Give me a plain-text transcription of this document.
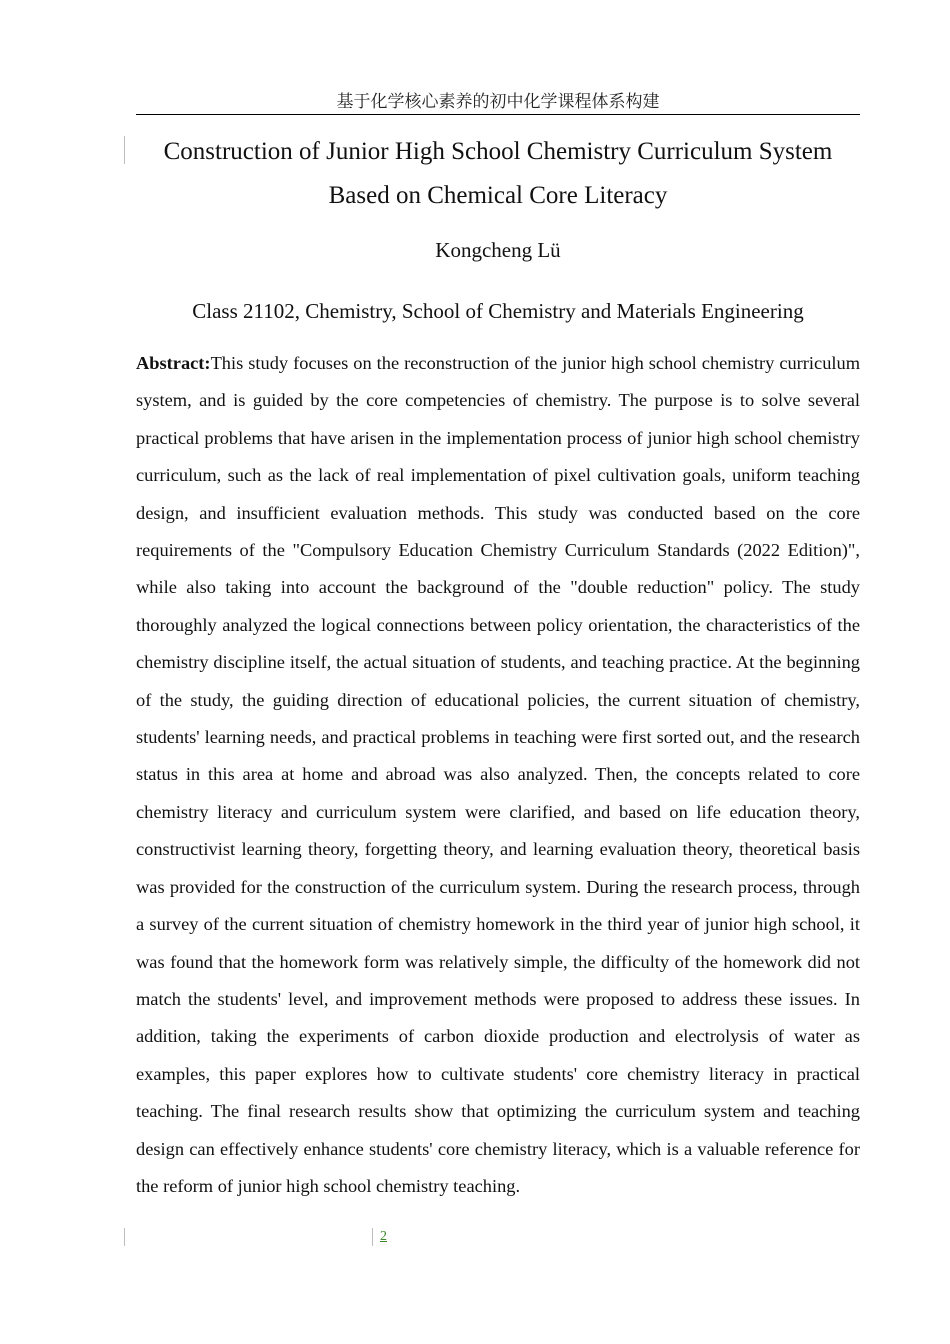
基于化学核心素养的初中化学课程体系构建
Construction of Junior High School Chemistry Curriculum System Based on Chemical Core Literacy
Kongcheng Lü
Class 21102, Chemistry, School of Chemistry and Materials Engineering

Abstract:This study focuses on the reconstruction of the junior high school chemistry curriculum system, and is guided by the core competencies of chemistry. The purpose is to solve several practical problems that have arisen in the implementation process of junior high school chemistry curriculum, such as the lack of real implementation of pixel cultivation goals, uniform teaching design, and insufficient evaluation methods. This study was conducted based on the core requirements of the "Compulsory Education Chemistry Curriculum Standards (2022 Edition)", while also taking into account the background of the "double reduction" policy. The study thoroughly analyzed the logical connections between policy orientation, the characteristics of the chemistry discipline itself, the actual situation of students, and teaching practice. At the beginning of the study, the guiding direction of educational policies, the current situation of chemistry, students' learning needs, and practical problems in teaching were first sorted out, and the research status in this area at home and abroad was also analyzed. Then, the concepts related to core chemistry literacy and curriculum system were clarified, and based on life education theory, constructivist learning theory, forgetting theory, and learning evaluation theory, theoretical basis was provided for the construction of the curriculum system. During the research process, through a survey of the current situation of chemistry homework in the third year of junior high school, it was found that the homework form was relatively simple, the difficulty of the homework did not match the students' level, and improvement methods were proposed to address these issues. In addition, taking the experiments of carbon dioxide production and electrolysis of water as examples, this paper explores how to cultivate students' core chemistry literacy in practical teaching. The final research results show that optimizing the curriculum system and teaching design can effectively enhance students' core chemistry literacy, which is a valuable reference for the reform of junior high school chemistry teaching.

2
